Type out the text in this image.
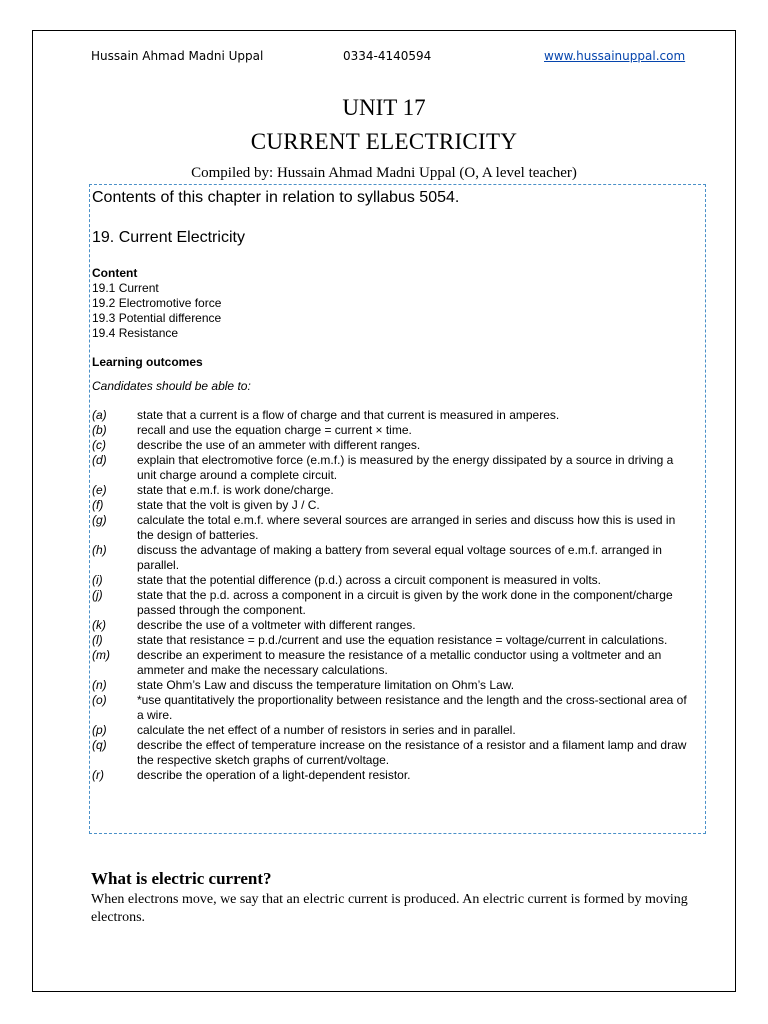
Hussain Ahmad Madni Uppal	0334-4140594	www.hussainuppal.com
UNIT 17
CURRENT ELECTRICITY
Compiled by: Hussain Ahmad Madni Uppal (O, A level teacher)
Contents of this chapter in relation to syllabus 5054.
19. Current Electricity
Content
19.1 Current
19.2 Electromotive force
19.3 Potential difference
19.4 Resistance
Learning outcomes
Candidates should be able to:
(a)	state that a current is a flow of charge and that current is measured in amperes.
(b)	recall and use the equation charge = current × time.
(c)	describe the use of an ammeter with different ranges.
(d)	explain that electromotive force (e.m.f.) is measured by the energy dissipated by a source in driving a unit charge around a complete circuit.
(e)	state that e.m.f. is work done/charge.
(f)	state that the volt is given by J / C.
(g)	calculate the total e.m.f. where several sources are arranged in series and discuss how this is used in the design of batteries.
(h)	discuss the advantage of making a battery from several equal voltage sources of e.m.f. arranged in parallel.
(i)	state that the potential difference (p.d.) across a circuit component is measured in volts.
(j)	state that the p.d. across a component in a circuit is given by the work done in the component/charge passed through the component.
(k)	describe the use of a voltmeter with different ranges.
(l)	state that resistance = p.d./current and use the equation resistance = voltage/current in calculations.
(m)	describe an experiment to measure the resistance of a metallic conductor using a voltmeter and an ammeter and make the necessary calculations.
(n)	state Ohm’s Law and discuss the temperature limitation on Ohm’s Law.
(o)	*use quantitatively the proportionality between resistance and the length and the cross-sectional area of a wire.
(p)	calculate the net effect of a number of resistors in series and in parallel.
(q)	describe the effect of temperature increase on the resistance of a resistor and a filament lamp and draw the respective sketch graphs of current/voltage.
(r)	describe the operation of a light-dependent resistor.
What is electric current?
When electrons move, we say that an electric current is produced. An electric current is formed by moving electrons.
